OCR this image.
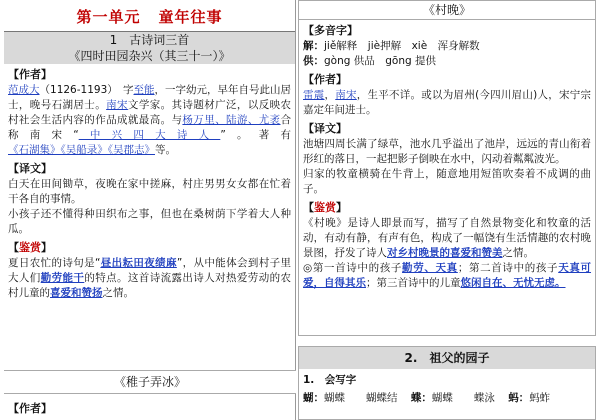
第一单元 童年往事
1　古诗词三首
《四时田园杂兴（其三十一）》
【作者】
范成大（1126-1193）　字至能，一字幼元，早年自号此山居士，晚号石湖居士。南宋文学家。其诗题材广泛，以反映农村社会生活内容的作品成就最高。与杨万里、陆游、尤袤合称南宋“中兴四大诗人”。著有《石湖集》《吴船录》《吴郡志》等。
【译文】
白天在田间锄草，夜晚在家中搓麻，村庄男男女女都在忙着干各自的事情。
小孩子还不懂得种田织布之事，但也在桑树荫下学着大人种瓜。
【鉴赏】
夏日农忙的诗句是“昼出耘田夜绩麻”，从中能体会到村子里大人们勤劳能干的特点。这首诗流露出诗人对热爱劳动的农村儿童的喜爱和赞扬之情。
《稚子弄冰》
【作者】
《村晚》
【多音字】
解：jiě解释　jiè押解　xiè　浑身解数
供：gòng 供品　gōng 提供
【作者】
雷震，南宋，生平不详。或以为眉州(今四川眉山)人，宋宁宗嘉定年间进士。
【译文】
池塘四周长满了绿草，池水几乎溢出了池岸，远远的青山衔着形红的落日，一起把影子倒映在水中，闪动着粼粼波光。
归家的牧童横骑在牛背上，随意地用短笛吹奏着不成调的曲子。
【鉴赏】
《村晚》是诗人即景而写，描写了自然景物变化和牧童的活动，有动有静，有声有色，构成了一幅饶有生活情趣的农村晚景图，抒发了诗人对乡村晚景的喜爱和赞美之情。
◎第一首诗中的孩子勤劳、天真；第二首诗中的孩子天真可爱，自得其乐；第三首诗中的儿童悠闲自在、无忧无虑。
2.　祖父的园子
1.　会写字
蝴：蝴蝶　　蝴蝶结 蝶：蝴蝶　　蝶泳 蚂：蚂蚱
